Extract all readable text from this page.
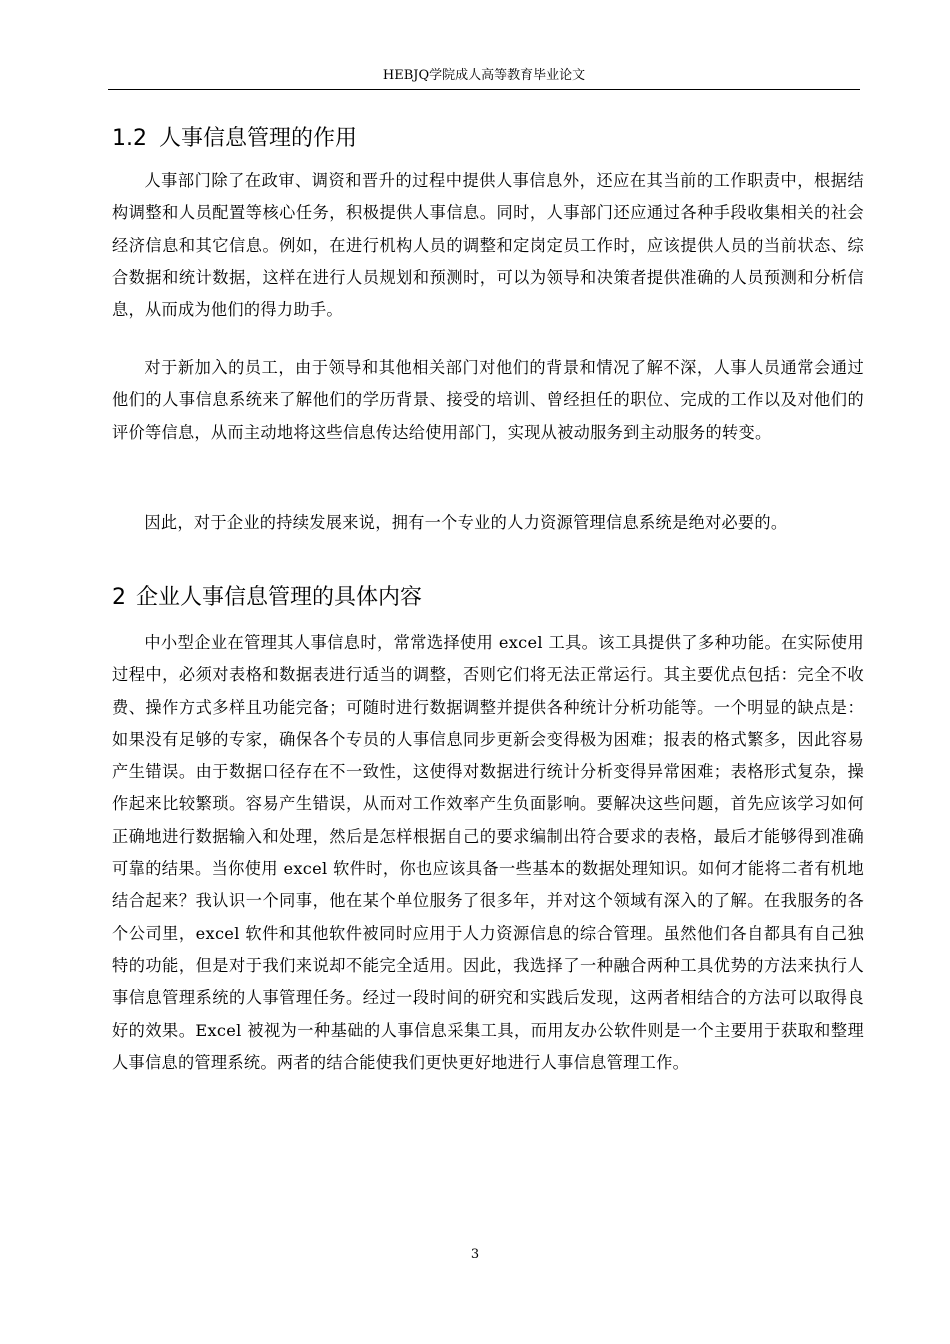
HEBJQ学院成人高等教育毕业论文
1.2 人事信息管理的作用

人事部门除了在政审、调资和晋升的过程中提供人事信息外，还应在其当前的工作职责中，根据结构调整和人员配置等核心任务，积极提供人事信息。同时，人事部门还应通过各种手段收集相关的社会经济信息和其它信息。例如，在进行机构人员的调整和定岗定员工作时，应该提供人员的当前状态、综合数据和统计数据，这样在进行人员规划和预测时，可以为领导和决策者提供准确的人员预测和分析信息，从而成为他们的得力助手。

对于新加入的员工，由于领导和其他相关部门对他们的背景和情况了解不深，人事人员通常会通过他们的人事信息系统来了解他们的学历背景、接受的培训、曾经担任的职位、完成的工作以及对他们的评价等信息，从而主动地将这些信息传达给使用部门，实现从被动服务到主动服务的转变。

因此，对于企业的持续发展来说，拥有一个专业的人力资源管理信息系统是绝对必要的。

2 企业人事信息管理的具体内容

中小型企业在管理其人事信息时，常常选择使用 excel 工具。该工具提供了多种功能。在实际使用过程中，必须对表格和数据表进行适当的调整，否则它们将无法正常运行。其主要优点包括：完全不收费、操作方式多样且功能完备；可随时进行数据调整并提供各种统计分析功能等。一个明显的缺点是：如果没有足够的专家，确保各个专员的人事信息同步更新会变得极为困难；报表的格式繁多，因此容易产生错误。由于数据口径存在不一致性，这使得对数据进行统计分析变得异常困难；表格形式复杂，操作起来比较繁琐。容易产生错误，从而对工作效率产生负面影响。要解决这些问题，首先应该学习如何正确地进行数据输入和处理，然后是怎样根据自己的要求编制出符合要求的表格，最后才能够得到准确可靠的结果。当你使用 excel 软件时，你也应该具备一些基本的数据处理知识。如何才能将二者有机地结合起来？我认识一个同事，他在某个单位服务了很多年，并对这个领域有深入的了解。在我服务的各个公司里，excel 软件和其他软件被同时应用于人力资源信息的综合管理。虽然他们各自都具有自己独特的功能，但是对于我们来说却不能完全适用。因此，我选择了一种融合两种工具优势的方法来执行人事信息管理系统的人事管理任务。经过一段时间的研究和实践后发现，这两者相结合的方法可以取得良好的效果。Excel 被视为一种基础的人事信息采集工具，而用友办公软件则是一个主要用于获取和整理人事信息的管理系统。两者的结合能使我们更快更好地进行人事信息管理工作。

3
